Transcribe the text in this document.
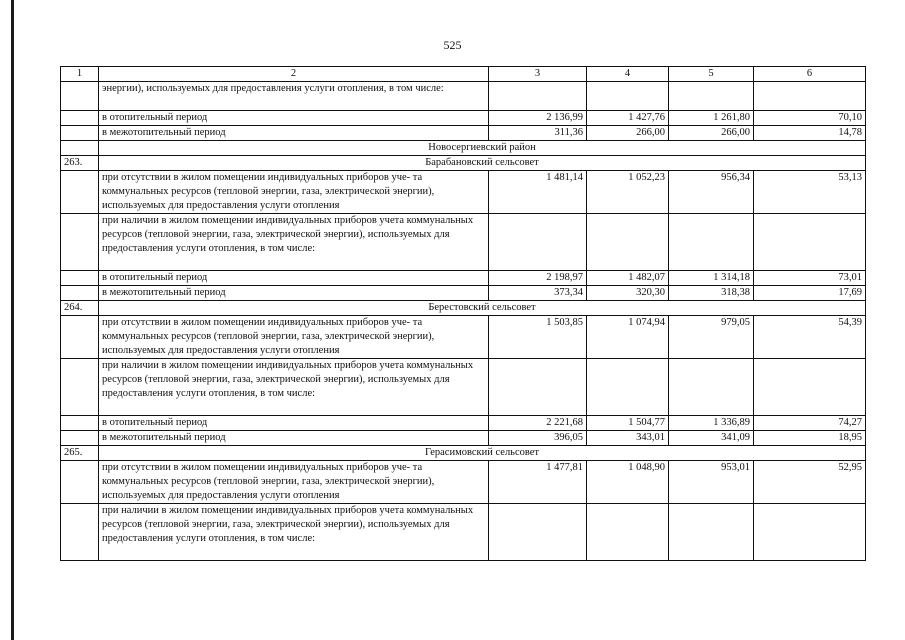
525
1	2	3	4	5	6
	энергии), используемых для предоставления услуги отопления, в том числе:				
	в отопительный период	2 136,99	1 427,76	1 261,80	70,10
	в межотопительный период	311,36	266,00	266,00	14,78
	Новосергиевский район				
263.	Барабановский сельсовет				
	при отсутствии в жилом помещении индивидуальных приборов уче- та коммунальных ресурсов (тепловой энергии, газа, электрической энергии), используемых для предоставления услуги отопления	1 481,14	1 052,23	956,34	53,13
	при наличии в жилом помещении индивидуальных приборов учета коммунальных ресурсов (тепловой энергии, газа, электрической энергии), используемых для предоставления услуги отопления, в том числе:				
	в отопительный период	2 198,97	1 482,07	1 314,18	73,01
	в межотопительный период	373,34	320,30	318,38	17,69
264.	Берестовский сельсовет				
	при отсутствии в жилом помещении индивидуальных приборов уче- та коммунальных ресурсов (тепловой энергии, газа, электрической энергии), используемых для предоставления услуги отопления	1 503,85	1 074,94	979,05	54,39
	при наличии в жилом помещении индивидуальных приборов учета коммунальных ресурсов (тепловой энергии, газа, электрической энергии), используемых для предоставления услуги отопления, в том числе:				
	в отопительный период	2 221,68	1 504,77	1 336,89	74,27
	в межотопительный период	396,05	343,01	341,09	18,95
265.	Герасимовский сельсовет				
	при отсутствии в жилом помещении индивидуальных приборов уче- та коммунальных ресурсов (тепловой энергии, газа, электрической энергии), используемых для предоставления услуги отопления	1 477,81	1 048,90	953,01	52,95
	при наличии в жилом помещении индивидуальных приборов учета коммунальных ресурсов (тепловой энергии, газа, электрической энергии), используемых для предоставления услуги отопления, в том числе:				
